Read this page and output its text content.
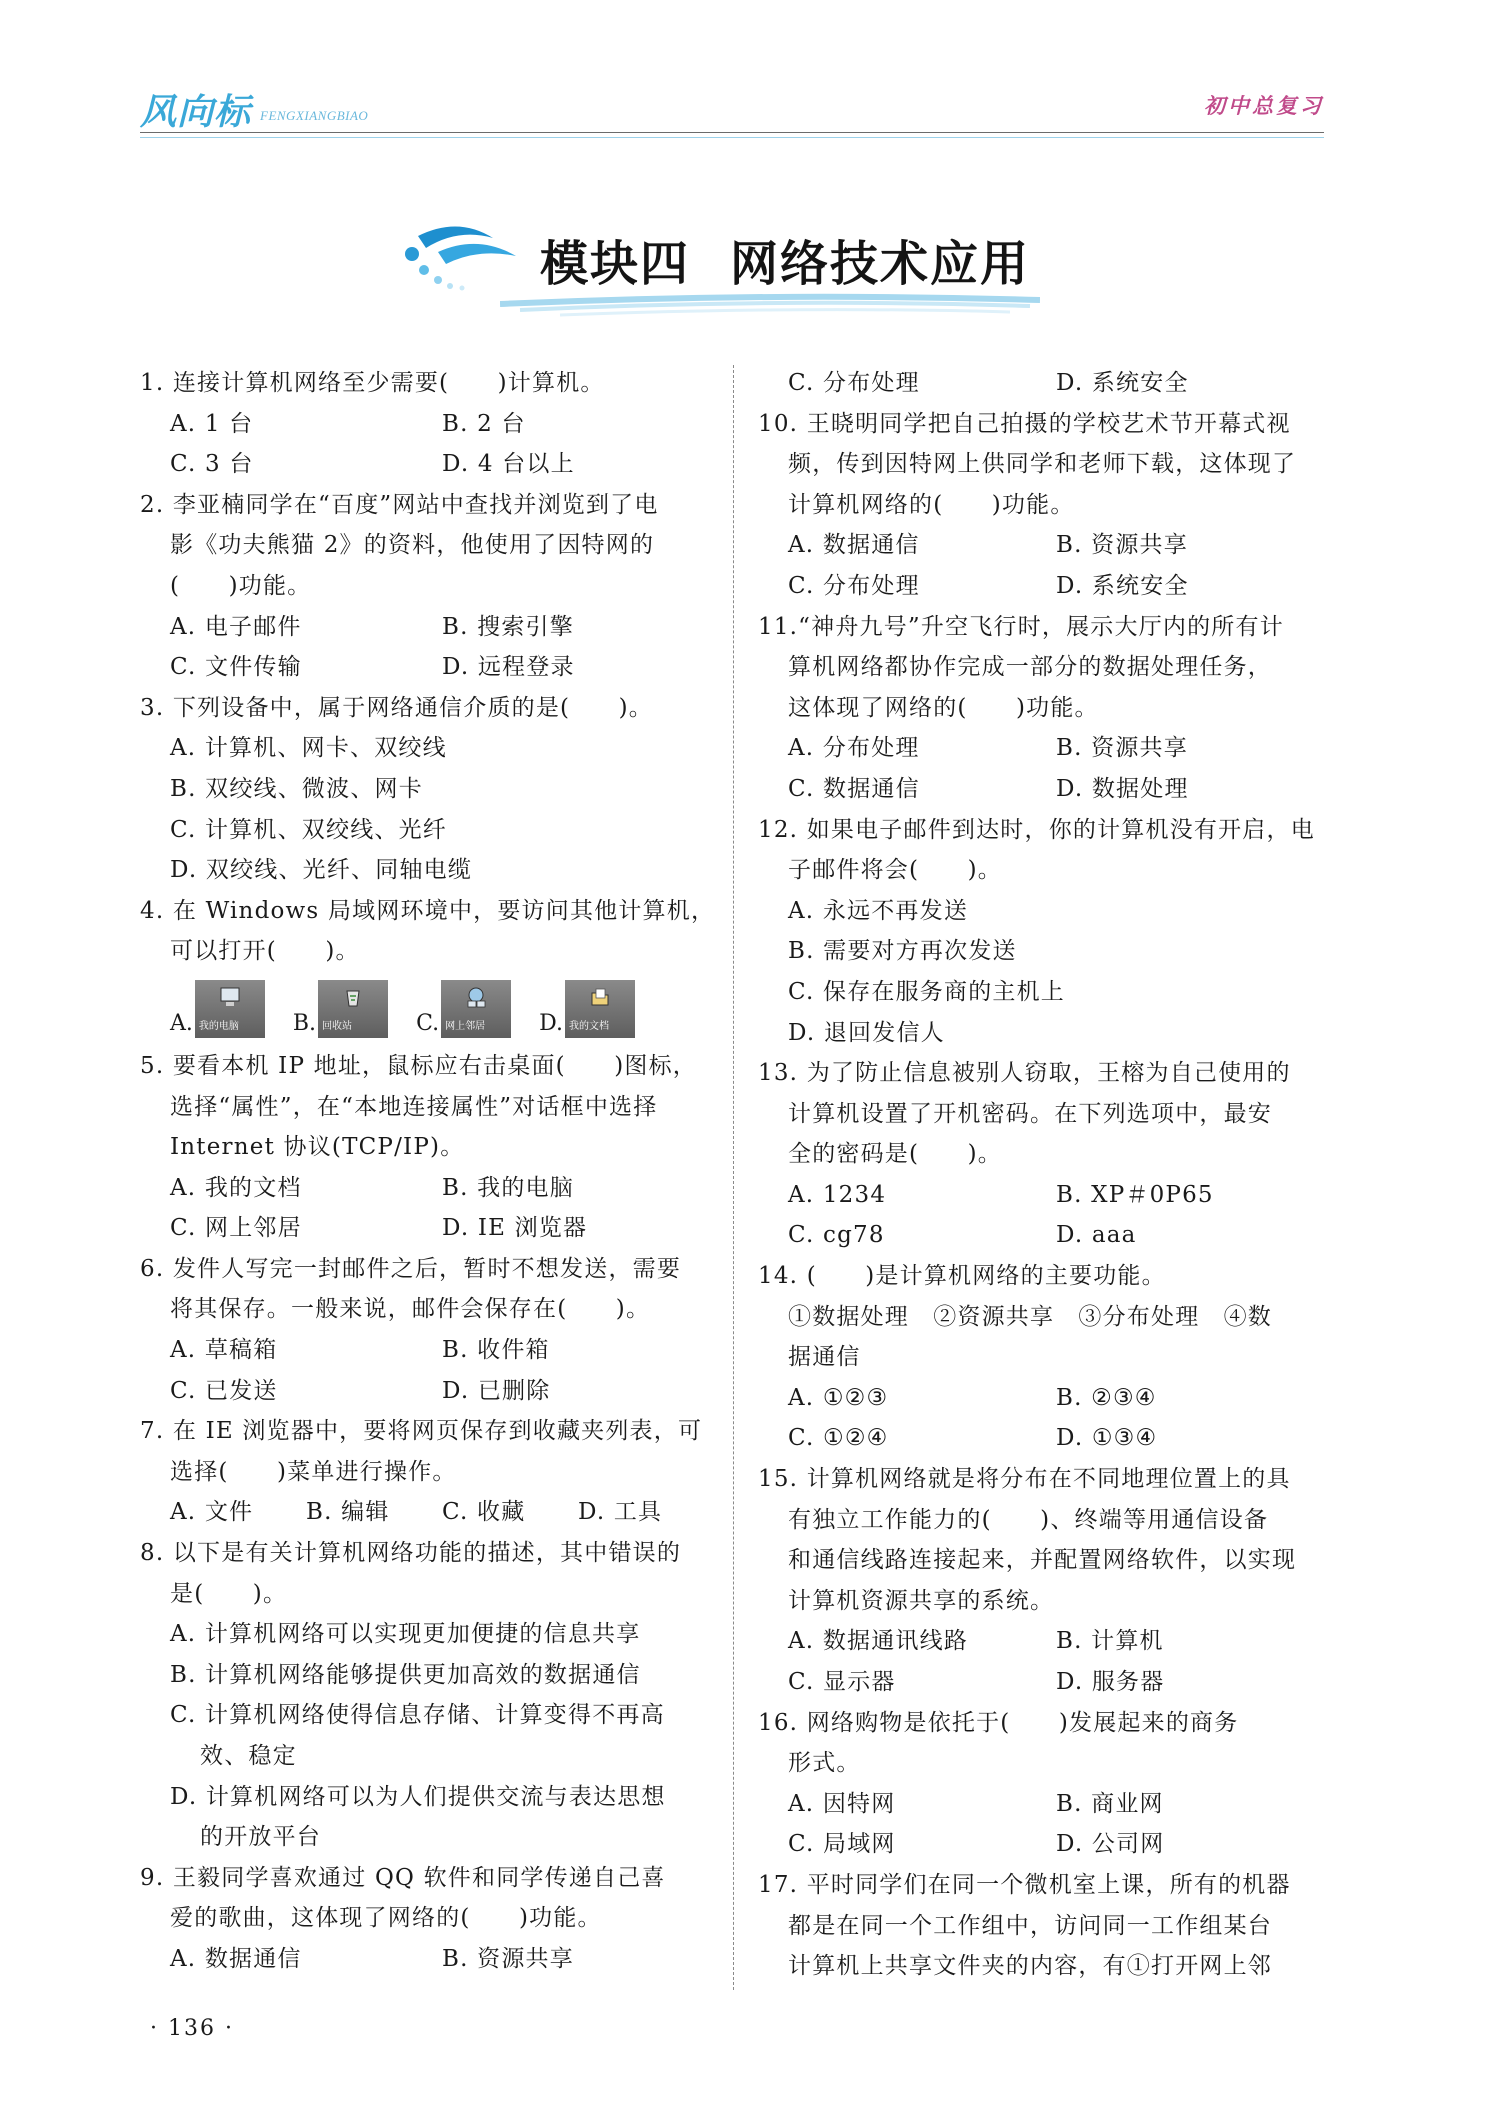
风向标 FENGXIANGBIAO	初中总复习
模块四 网络技术应用
1. 连接计算机网络至少需要(　　)计算机。
A. 1 台	B. 2 台
C. 3 台	D. 4 台以上
2. 李亚楠同学在“百度”网站中查找并浏览到了电
影《功夫熊猫 2》的资料，他使用了因特网的
(　　)功能。
A. 电子邮件	B. 搜索引擎
C. 文件传输	D. 远程登录
3. 下列设备中，属于网络通信介质的是(　　)。
A. 计算机、网卡、双绞线
B. 双绞线、微波、网卡
C. 计算机、双绞线、光纤
D. 双绞线、光纤、同轴电缆
4. 在 Windows 局域网环境中，要访问其他计算机，
可以打开(　　)。
A. 我的电脑 B. 回收站	C. 网上邻居 D. 我的文档
5. 要看本机 IP 地址，鼠标应右击桌面(　　)图标，
选择“属性”，在“本地连接属性”对话框中选择
Internet 协议(TCP/IP)。
A. 我的文档	B. 我的电脑
C. 网上邻居	D. IE 浏览器
6. 发件人写完一封邮件之后，暂时不想发送，需要
将其保存。一般来说，邮件会保存在(　　)。
A. 草稿箱	B. 收件箱
C. 已发送	D. 已删除
7. 在 IE 浏览器中，要将网页保存到收藏夹列表，可
选择(　　)菜单进行操作。
A. 文件	B. 编辑	C. 收藏	D. 工具
8. 以下是有关计算机网络功能的描述，其中错误的
是(　　)。
A. 计算机网络可以实现更加便捷的信息共享
B. 计算机网络能够提供更加高效的数据通信
C. 计算机网络使得信息存储、计算变得不再高
效、稳定
D. 计算机网络可以为人们提供交流与表达思想
的开放平台
9. 王毅同学喜欢通过 QQ 软件和同学传递自己喜
爱的歌曲，这体现了网络的(　　)功能。
A. 数据通信	B. 资源共享
C. 分布处理	D. 系统安全
10. 王晓明同学把自己拍摄的学校艺术节开幕式视
频，传到因特网上供同学和老师下载，这体现了
计算机网络的(　　)功能。
A. 数据通信	B. 资源共享
C. 分布处理	D. 系统安全
11.“神舟九号”升空飞行时，展示大厅内的所有计
算机网络都协作完成一部分的数据处理任务，
这体现了网络的(　　)功能。
A. 分布处理	B. 资源共享
C. 数据通信	D. 数据处理
12. 如果电子邮件到达时，你的计算机没有开启，电
子邮件将会(　　)。
A. 永远不再发送
B. 需要对方再次发送
C. 保存在服务商的主机上
D. 退回发信人
13. 为了防止信息被别人窃取，王榕为自己使用的
计算机设置了开机密码。在下列选项中，最安
全的密码是(　　)。
A. 1234	B. XP＃0P65
C. cg78	D. aaa
14. (　　)是计算机网络的主要功能。
①数据处理　②资源共享　③分布处理　④数
据通信
A. ①②③	B. ②③④
C. ①②④	D. ①③④
15. 计算机网络就是将分布在不同地理位置上的具
有独立工作能力的(　　)、终端等用通信设备
和通信线路连接起来，并配置网络软件，以实现
计算机资源共享的系统。
A. 数据通讯线路	B. 计算机
C. 显示器	D. 服务器
16. 网络购物是依托于(　　)发展起来的商务
形式。
A. 因特网	B. 商业网
C. 局域网	D. 公司网
17. 平时同学们在同一个微机室上课，所有的机器
都是在同一个工作组中，访问同一工作组某台
计算机上共享文件夹的内容，有①打开网上邻
· 136 ·
